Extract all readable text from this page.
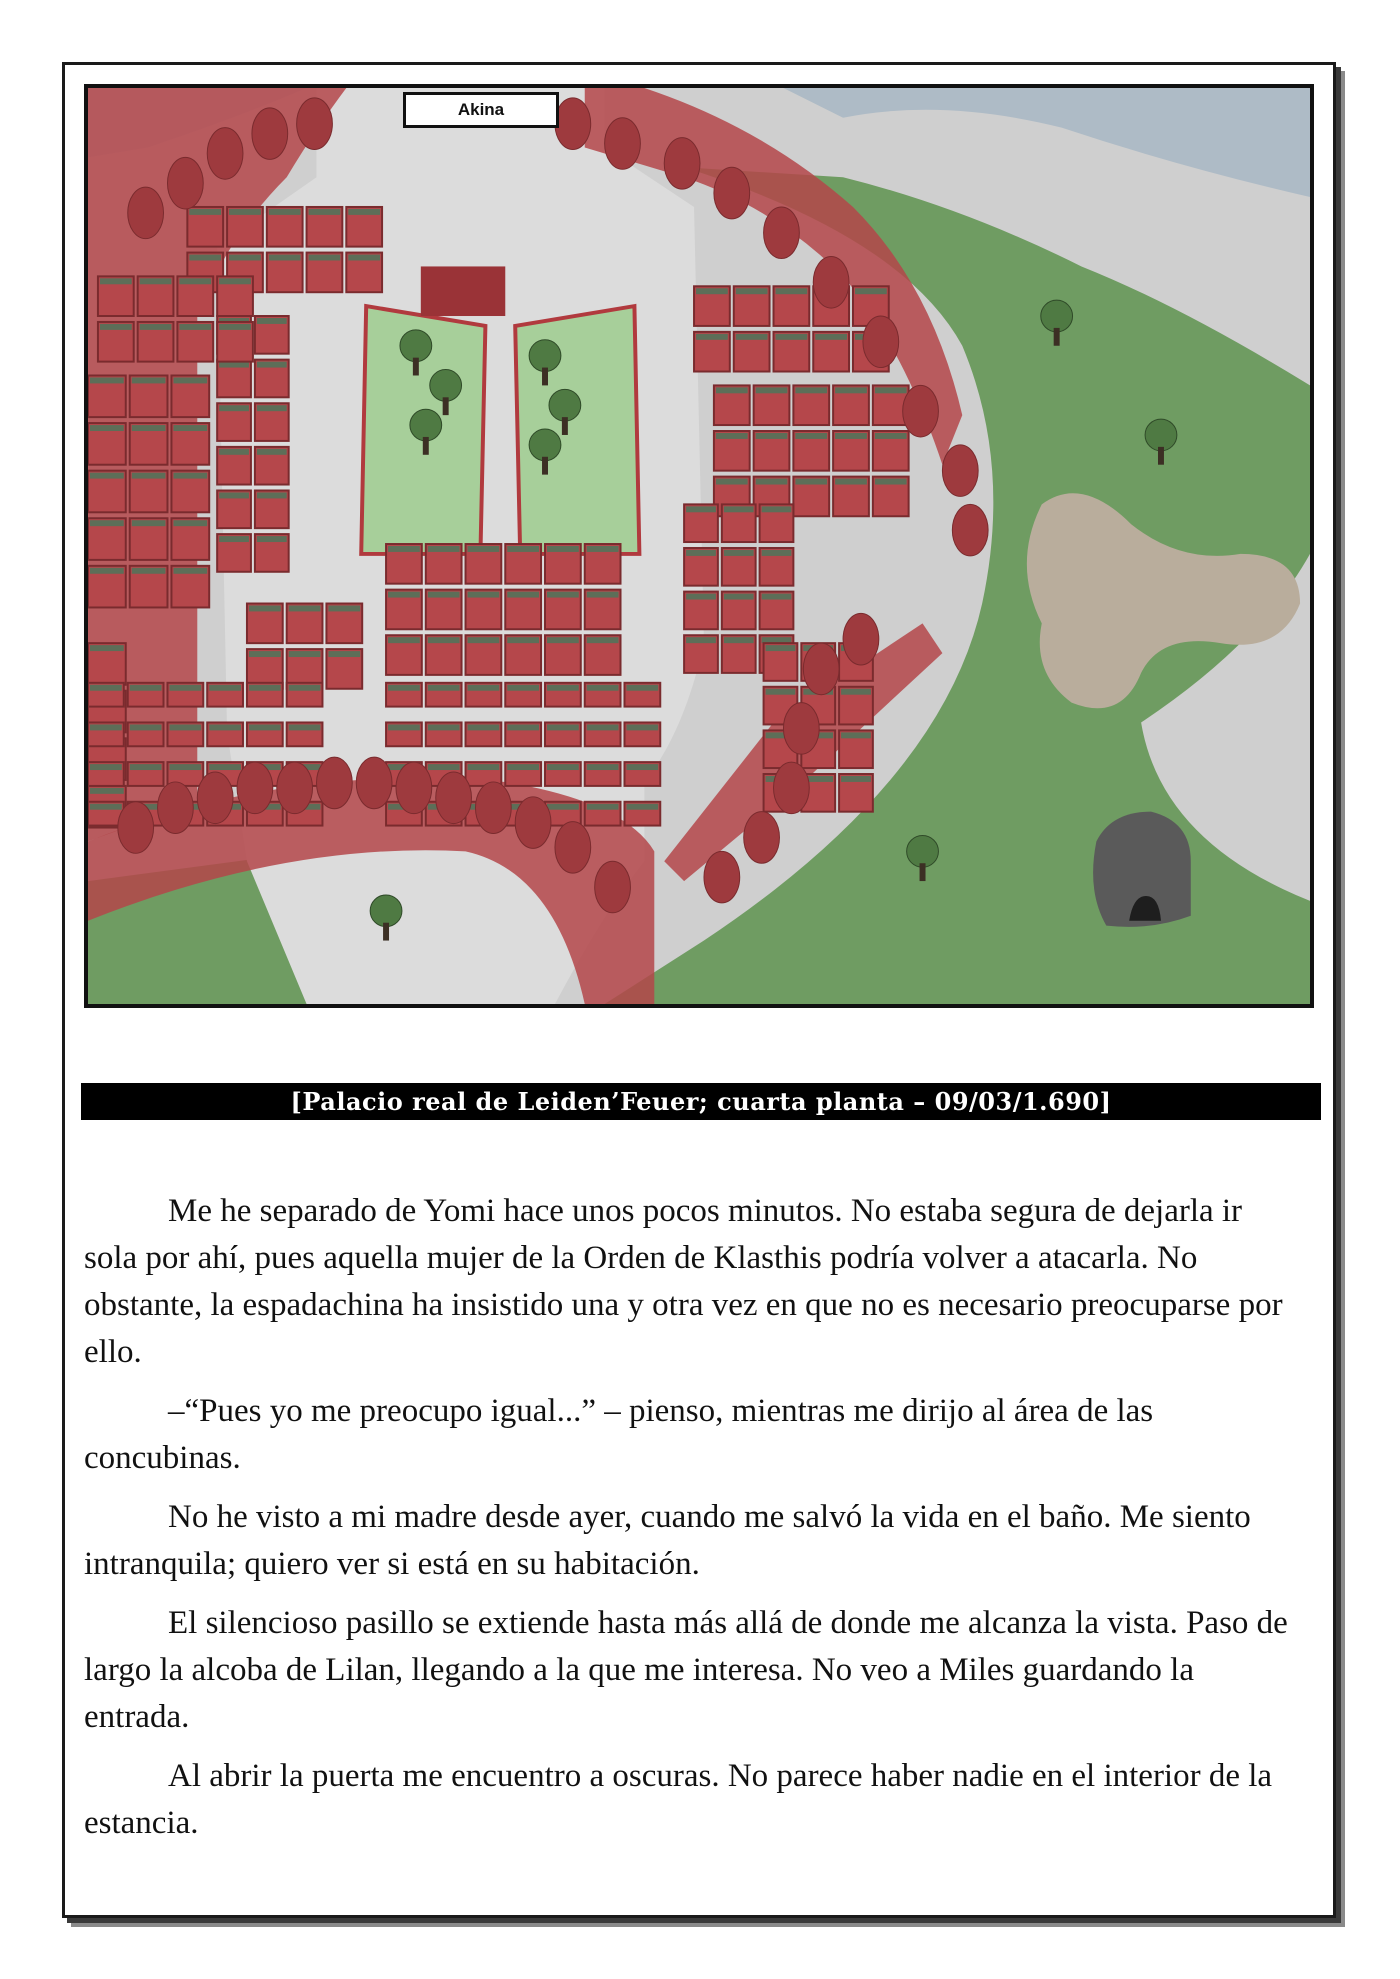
Akina
[Palacio real de Leiden’Feuer; cuarta planta – 09/03/1.690]

Me he separado de Yomi hace unos pocos minutos. No estaba segura de dejarla ir sola por ahí, pues aquella mujer de la Orden de Klasthis podría volver a atacarla. No obstante, la espadachina ha insistido una y otra vez en que no es necesario preocuparse por ello.

–“Pues yo me preocupo igual...” – pienso, mientras me dirijo al área de las concubinas.

No he visto a mi madre desde ayer, cuando me salvó la vida en el baño. Me siento intranquila; quiero ver si está en su habitación.

El silencioso pasillo se extiende hasta más allá de donde me alcanza la vista. Paso de largo la alcoba de Lilan, llegando a la que me interesa. No veo a Miles guardando la entrada.

Al abrir la puerta me encuentro a oscuras. No parece haber nadie en el interior de la estancia.
